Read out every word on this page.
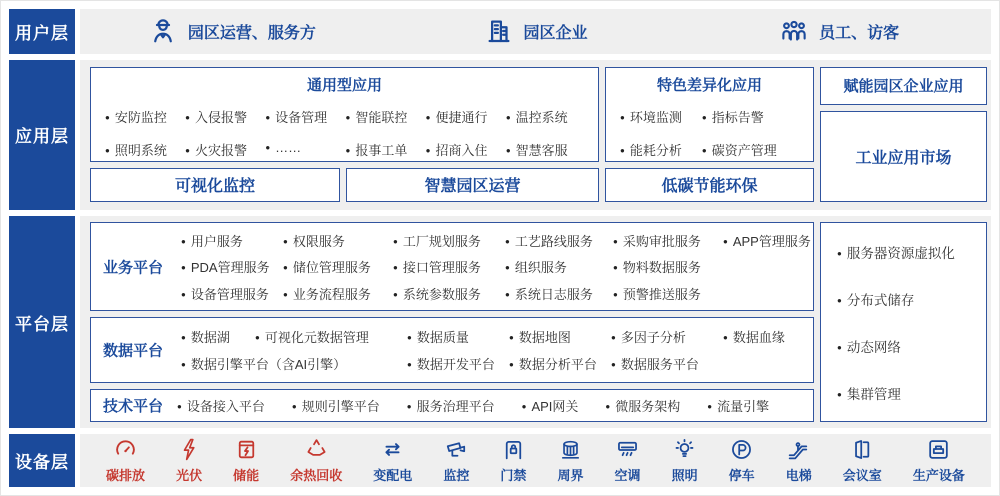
用户层	园区运营、服务方	园区企业	员工、访客
应用层
通用型应用
● 安防监控	● 入侵报警	● 设备管理	● 智能联控	● 便捷通行	● 温控系统
● 照明系统	● 火灾报警	● ……	● 报事工单	● 招商入住	● 智慧客服
特色差异化应用
● 环境监测	● 指标告警
● 能耗分析	● 碳资产管理
赋能园区企业应用
工业应用市场
可视化监控	智慧园区运营	低碳节能环保
平台层
业务平台
● 用户服务	● 权限服务	● 工厂规划服务	● 工艺路线服务	● 采购审批服务	● APP管理服务
● PDA管理服务	● 储位管理服务	● 接口管理服务	● 组织服务	● 物料数据服务
● 设备管理服务	● 业务流程服务	● 系统参数服务	● 系统日志服务	● 预警推送服务
数据平台
● 数据湖	● 可视化元数据管理	● 数据质量	● 数据地图	● 多因子分析	● 数据血缘
● 数据引擎平台（含AI引擎）	● 数据开发平台	● 数据分析平台	● 数据服务平台
技术平台	● 设备接入平台	● 规则引擎平台	● 服务治理平台	● API网关	● 微服务架构	● 流量引擎
● 服务器资源虚拟化
● 分布式储存
● 动态网络
● 集群管理
设备层
碳排放 光伏 储能 余热回收 变配电 监控 门禁 周界 空调 照明 停车 电梯 会议室 生产设备
